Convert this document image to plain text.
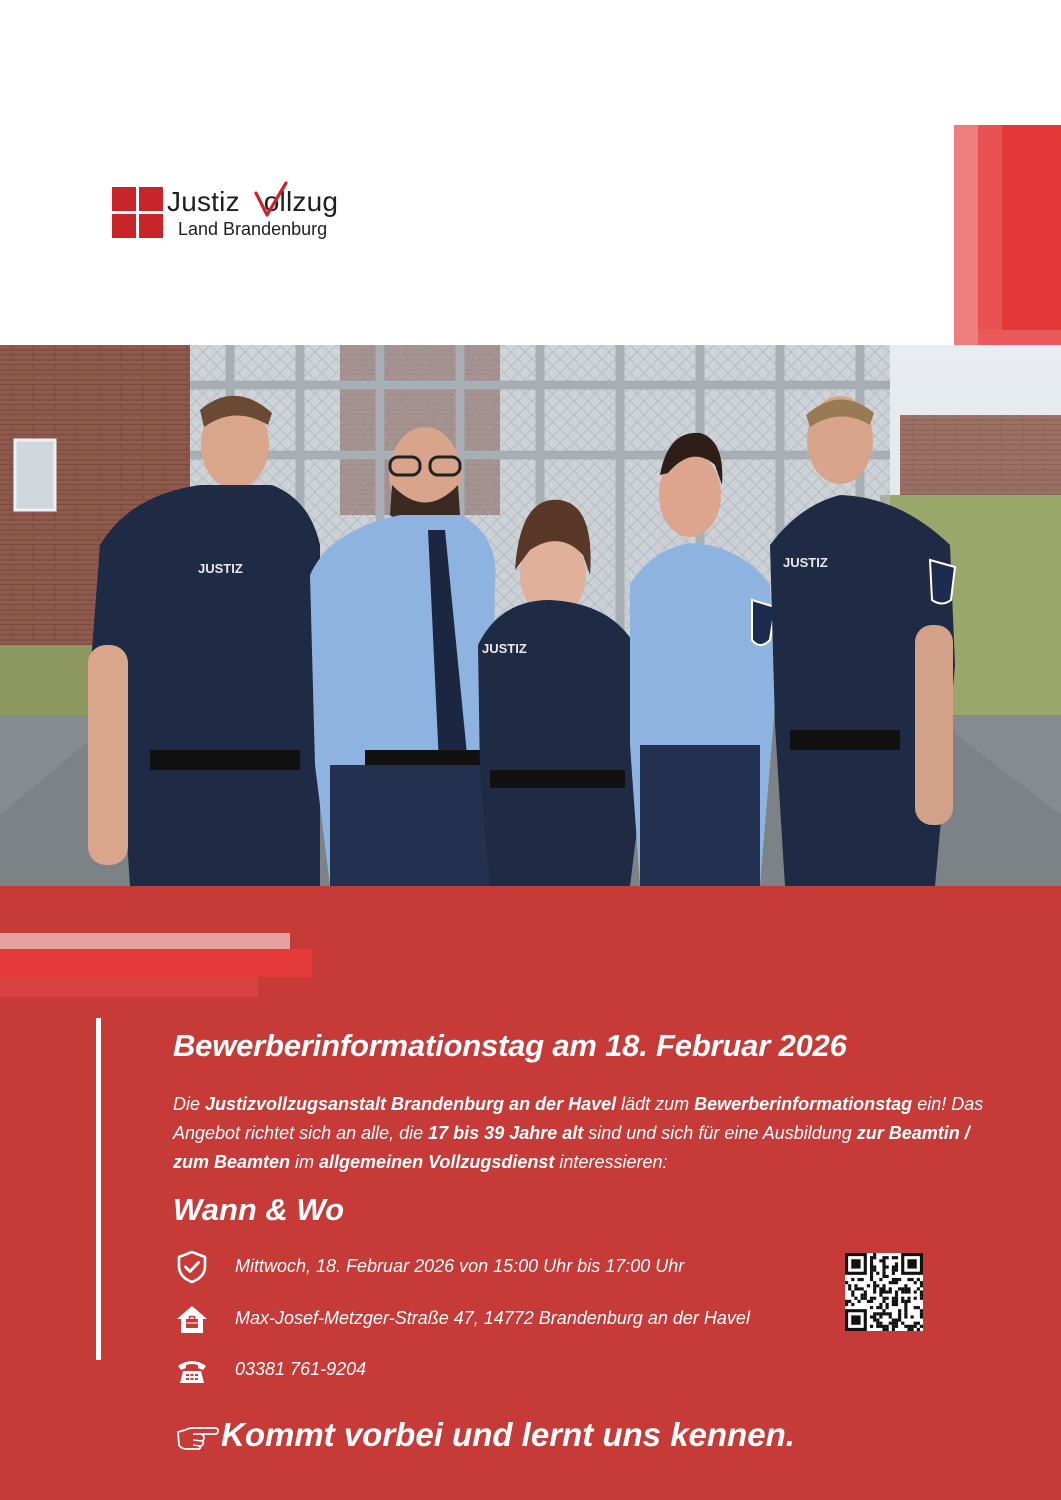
Justiz ollzug
Land Brandenburg
JUSTIZ
JUSTIZ
JUSTIZ
Bewerberinformationstag am 18. Februar 2026
Die Justizvollzugsanstalt Brandenburg an der Havel lädt zum Bewerberinformationstag ein! Das Angebot richtet sich an alle, die 17 bis 39 Jahre alt sind und sich für eine Ausbildung zur Beamtin / zum Beamten im allgemeinen Vollzugsdienst interessieren:
Wann & Wo
Mittwoch, 18. Februar 2026 von 15:00 Uhr bis 17:00 Uhr
Max-Josef-Metzger-Straße 47, 14772 Brandenburg an der Havel
03381 761-9204
Kommt vorbei und lernt uns kennen.
